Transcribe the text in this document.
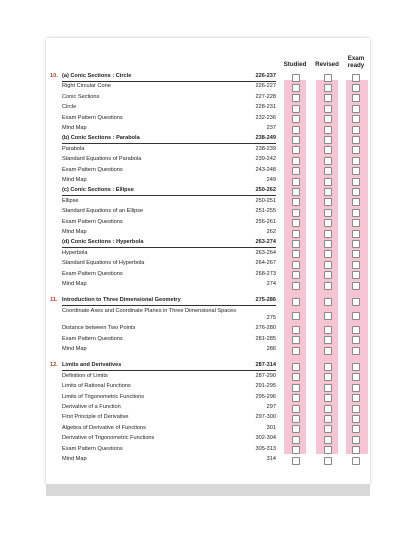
Studied	Revised
Exam
ready
10. (a) Conic Sections : Circle	226-237
Right Circular Cone	226-227
Conic Sections	227-228
Circle	228-231
Exam Pattern Questions	232-236
Mind Map	237
(b) Conic Sections : Parabola	238-249
Parabola	238-239
Standard Equations of Parabola	239-242
Exam Pattern Questions	243-248
Mind Map	249
(c) Conic Sections : Ellipse	250-262
Ellipse	250-251
Standard Equations of an Ellipse	251-255
Exam Pattern Questions	256-261
Mind Map	262
(d) Conic Sections : Hyperbola	263-274
Hyperbola	263-264
Standard Equations of Hyperbola	264-267
Exam Pattern Questions	268-273
Mind Map	274
11. Introduction to Three Dimensional Geometry	275-286
Coordinate Axes and Coordinate Planes in Three Dimensional Spaces
275
Distance between Two Points	276-280
Exam Pattern Questions	281-285
Mind Map	286
12. Limits and Derivatives	287-314
Definition of Limits	287-290
Limits of Rational Functions	291-295
Limits of Trigonometric Functions	295-296
Derivative of a Function	297
First Principle of Derivative	297-300
Algebra of Derivative of Functions	301
Derivative of Trigonometric Functions	302-304
Exam Pattern Questions	305-313
Mind Map	314
